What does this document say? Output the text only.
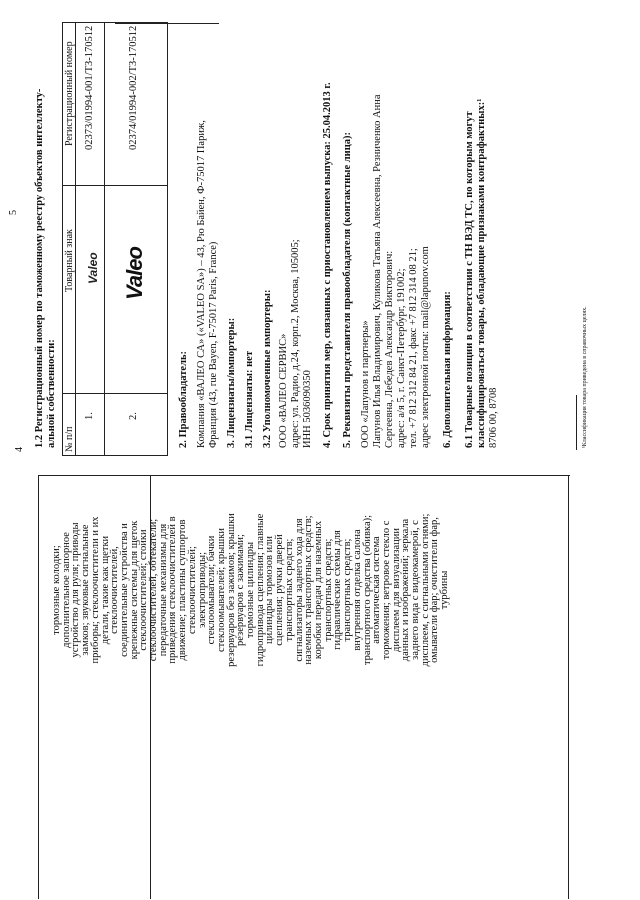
4
5
тормозные колодки;
дополнительное запорное
устройство для руля; приводы
замков; звуковые сигнальные
приборы; стеклоочистители и их
детали, такие как щетки
стеклоочистителей,
соединительные устройства и
крепежные системы для щеток
стеклоочистителей; стойки
стеклоочистителей, обтекатели;
передаточные механизмы для
приведения стеклоочистителей в
движение; пластины суппортов
стеклоочистителей;
электроприводы;
стеклоомыватели; бачки
стеклоомывателей; крышки
резервуаров без зажимов; крышки
резервуаров с зажимами;
тормозные цилиндры
гидропривода сцепления; главные
цилиндры тормозов или
сцепления; ручки дверей
транспортных средств;
сигнализаторы заднего хода для
наземных транспортных средств;
коробки передач для наземных
транспортных средств;
гидравлические схемы для
транспортных средств;
внутренняя отделка салона
транспортного средства (обивка);
автоматическая система
торможения; ветровое стекло с
дисплеем для визуализации
данных и изображений; зеркала
заднего вида с видеокамерой, с
дисплеем, с сигнальными огнями;
омыватели фар; очистители фар,
турбины
1.2 Регистрационный номер по таможенному реестру объектов интеллекту- альной собственности: № п/п
Товарный знак
Регистрационный номер
1.
Valeo
02373/01994-001/ТЗ-170512
2.
Valeo
02374/01994-002/ТЗ-170512
2. Правообладатель: Компания «ВАЛЕО СА» («VALEO SA») – 43, Рю Байен, Ф-75017 Париж, Франция (43, rue Bayen, F-75017 Paris, France) 3. Лицензиаты/импортеры: 3.1 Лицензиаты: нет 3.2 Уполномоченные импортеры: ООО «ВАЛЕО СЕРВИС» адрес: ул. Радио, д.24, корп.2, Москва, 105005; ИНН 5036090350 4. Срок принятия мер, связанных с приостановлением выпуска: 25.04.2013 г. 5. Реквизиты представителя правообладателя (контактные лица): ООО «Лапунов и партнеры» Лапунов Илья Владимирович, Куликова Татьяна Алексеевна, Резниченко Анна Сергеевна, Лебедев Александр Викторович: адрес: а/я 5, г. Санкт-Петербург, 191002; тел. +7 812 312 84 21, факс +7 812 314 08 21; адрес электронной почты: mail@lapunov.com 6. Дополнительная информация: 6.1 Товарные позиции в соответствии с ТН ВЭД ТС, по которым могут классифицироваться товары, обладающие признаками контрафактных:¹ 8706 00, 8708	¹Классификация товара приведена в справочных целях.
